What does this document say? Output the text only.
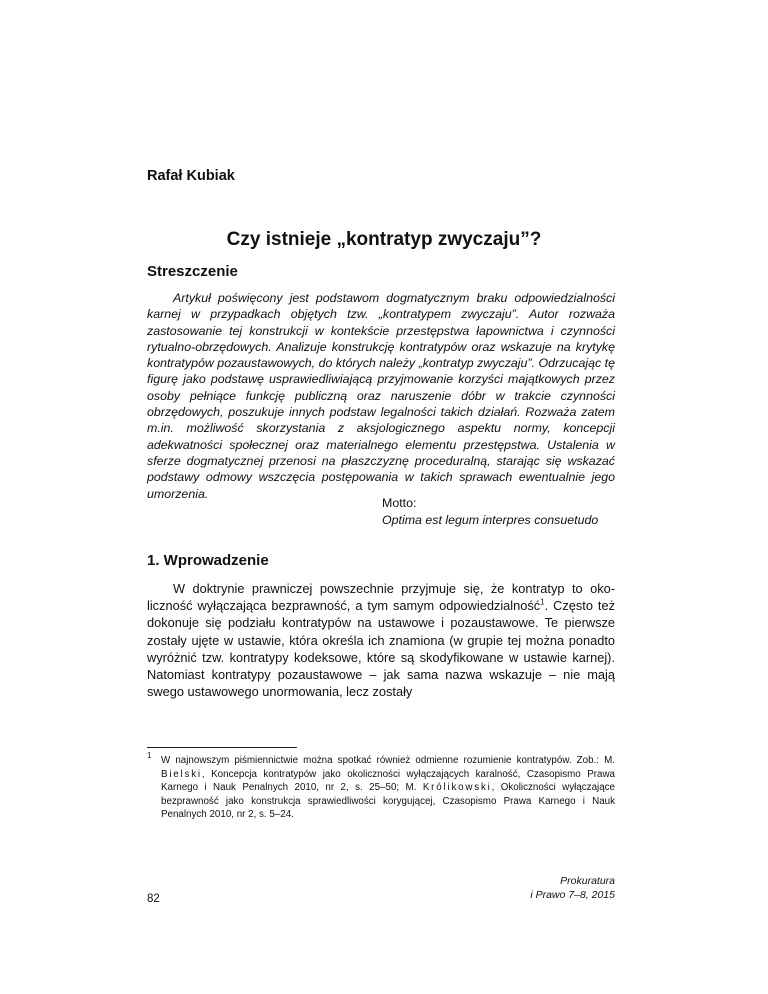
Rafał Kubiak
Czy istnieje „kontratyp zwyczaju”?
Streszczenie
Artykuł poświęcony jest podstawom dogmatycznym braku odpowiedzialności karnej w przypadkach objętych tzw. „kontratypem zwyczaju”. Autor rozważa zastosowanie tej konstrukcji w kontekście przestępstwa łapownictwa i czynności rytualno-obrzędowych. Analizuje konstrukcję kontratypów oraz wskazuje na krytykę kontratypów pozaustawowych, do których należy „kontratyp zwyczaju”. Odrzucając tę figurę jako podstawę usprawiedliwiającą przyjmowanie korzyści majątkowych przez osoby pełniące funkcję publiczną oraz naruszenie dóbr w trakcie czynności obrzędowych, poszukuje innych podstaw legalności takich działań. Rozważa zatem m.in. możliwość skorzystania z aksjologicznego aspektu normy, koncepcji adekwatności społecznej oraz materialnego elementu przestępstwa. Ustalenia w sferze dogmatycznej przenosi na płaszczyznę proceduralną, starając się wskazać podstawy odmowy wszczęcia postępowania w takich sprawach ewentualnie jego umorzenia.
Motto:
Optima est legum interpres consuetudo
1. Wprowadzenie
W doktrynie prawniczej powszechnie przyjmuje się, że kontratyp to okoliczność wyłączająca bezprawność, a tym samym odpowiedzialność$^1$. Często też dokonuje się podziału kontratypów na ustawowe i pozaustawowe. Te pierwsze zostały ujęte w ustawie, która określa ich znamiona (w grupie tej można ponadto wyróżnić tzw. kontratypy kodeksowe, które są skodyfikowane w ustawie karnej). Natomiast kontratypy pozaustawowe – jak sama nazwa wskazuje – nie mają swego ustawowego unormowania, lecz zostały
1 W najnowszym piśmiennictwie można spotkać również odmienne rozumienie kontratypów. Zob.: M. Bielski, Koncepcja kontratypów jako okoliczności wyłączających karalność, Czasopismo Prawa Karnego i Nauk Penalnych 2010, nr 2, s. 25–50; M. Królikowski, Okoliczności wyłączające bezprawność jako konstrukcja sprawiedliwości korygującej, Czasopismo Prawa Karnego i Nauk Penalnych 2010, nr 2, s. 5–24.
82
Prokuratura
i Prawo 7–8, 2015
